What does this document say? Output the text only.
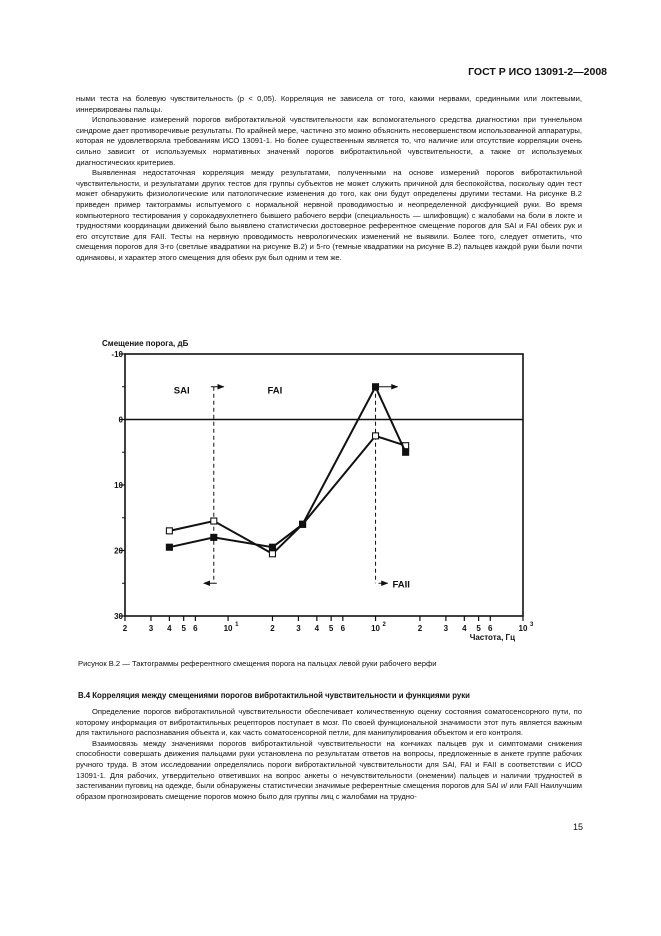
ГОСТ Р ИСО 13091-2—2008

ными теста на болевую чувствительность (p < 0,05). Корреляция не зависела от того, какими нервами, срединными или локтевыми, иннервированы пальцы.

Использование измерений порогов вибротактильной чувствительности как вспомогательного средства диагностики при туннельном синдроме дает противоречивые результаты. По крайней мере, частично это можно объяснить несовершенством использованной аппаратуры, которая не удовлетворяла требованиям ИСО 13091-1. Но более существенным является то, что наличие или отсутствие корреляции очень сильно зависит от используемых нормативных значений порогов вибротактильной чувствительности, а также от используемых диагностических критериев.

Выявленная недостаточная корреляция между результатами, полученными на основе измерений порогов вибротактильной чувствительности, и результатами других тестов для группы субъектов не может служить причиной для беспокойства, поскольку один тест может обнаружить физиологические или патологические изменения до того, как они будут определены другими тестами. На рисунке В.2 приведен пример тактограммы испытуемого с нормальной нервной проводимостью и неопределенной дисфункцией руки. Во время компьютерного тестирования у сорокадвухлетнего бывшего рабочего верфи (специальность — шлифовщик) с жалобами на боли в локте и трудностями координации движений было выявлено статистически достоверное референтное смещение порогов для SAI и FAI обеих рук и его отсутствие для FAII. Тесты на нервную проводимость неврологических изменений не выявили. Более того, следует отметить, что смещения порогов для 3-го (светлые квадратики на рисунке В.2) и 5-го (темные квадратики на рисунке В.2) пальцев каждой руки были почти одинаковы, и характер этого смещения для обеих рук был одним и тем же.

Смещение порога, дБ
-10
0
10
20
30
2	3 4 5 6	10 1	2	3 4 5 6	10 2	2	3 4 5 6	10 3
Частота, Гц
SAI	FAI
FAII
Рисунок В.2 — Тактограммы референтного смещения порога на пальцах левой руки рабочего верфи
В.4 Корреляция между смещениями порогов вибротактильной чувствительности и функциями руки

Определение порогов вибротактильной чувствительности обеспечивает количественную оценку состояния соматосенсорного пути, по которому информация от вибротактильных рецепторов поступает в мозг. По своей функциональной значимости этот путь является важным для тактильного распознавания объекта и, как часть соматосенсорной петли, для манипулирования объектом и его контроля.

Взаимосвязь между значениями порогов вибротактильной чувствительности на кончиках пальцев рук и симптомами снижения способности совершать движения пальцами руки установлена по результатам ответов на вопросы, предложенные в анкете группе рабочих ручного труда. В этом исследовании определялись пороги вибротактильной чувствительности для SAI, FAI и FAII в соответствии с ИСО 13091-1. Для рабочих, утвердительно ответивших на вопрос анкеты о нечувствительности (онемении) пальцев и наличии трудностей в застегивании пуговиц на одежде, были обнаружены статистически значимые референтные смещения порогов для SAI и/ или FAII Наилучшим образом прогнозировать смещение порогов можно было для группы лиц с жалобами на трудно-

15
